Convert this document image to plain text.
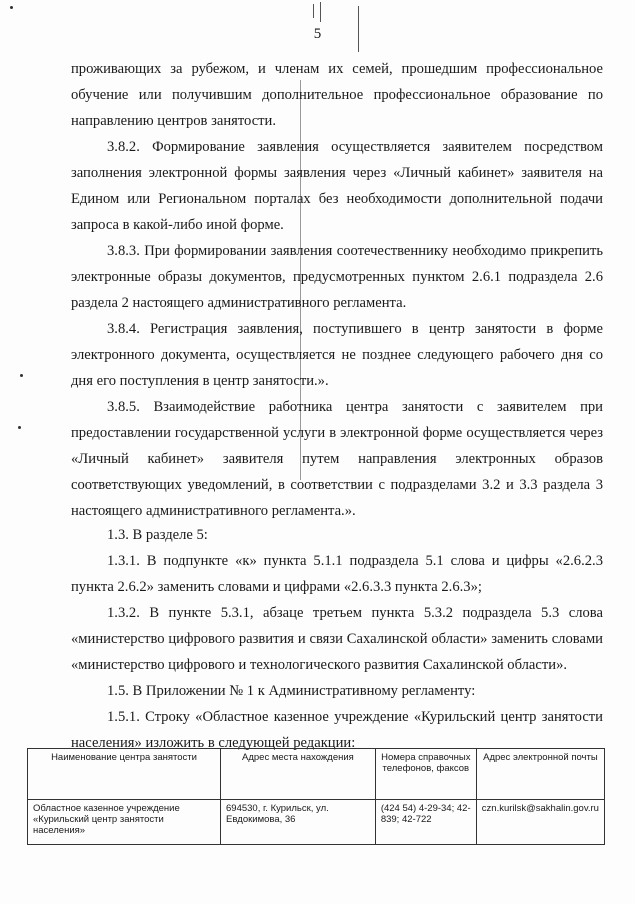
5
проживающих за рубежом, и членам их семей, прошедшим профессиональное обучение или получившим дополнительное профессиональное образование по направлению центров занятости.
3.8.2. Формирование заявления осуществляется заявителем посредством заполнения электронной формы заявления через «Личный кабинет» заявителя на Едином или Региональном порталах без необходимости дополнительной подачи запроса в какой-либо иной форме.
3.8.3. При формировании заявления соотечественнику необходимо прикрепить электронные образы документов, предусмотренных пунктом 2.6.1 подраздела 2.6 раздела 2 настоящего административного регламента.
3.8.4. Регистрация заявления, поступившего в центр занятости в форме электронного документа, осуществляется не позднее следующего рабочего дня со дня его поступления в центр занятости.».
3.8.5. Взаимодействие работника центра занятости с заявителем при предоставлении государственной услуги в электронной форме осуществляется через «Личный кабинет» заявителя путем направления электронных образов соответствующих уведомлений, в соответствии с подразделами 3.2 и 3.3 раздела 3 настоящего административного регламента.».
1.3. В разделе 5:
1.3.1. В подпункте «к» пункта 5.1.1 подраздела 5.1 слова и цифры «2.6.2.3 пункта 2.6.2» заменить словами и цифрами «2.6.3.3 пункта 2.6.3»;
1.3.2. В пункте 5.3.1, абзаце третьем пункта 5.3.2 подраздела 5.3 слова «министерство цифрового развития и связи Сахалинской области» заменить словами «министерство цифрового и технологического развития Сахалинской области».
1.5. В Приложении № 1 к Административному регламенту:
1.5.1. Строку «Областное казенное учреждение «Курильский центр занятости населения» изложить в следующей редакции:
Наименование центра занятости	Адрес места нахождения	Номера справочных телефонов, факсов	Адрес электронной почты
Областное казенное учреждение «Курильский центр занятости населения»	694530, г. Курильск, ул. Евдокимова, 36	(424 54) 4-29-34; 42-839; 42-722	czn.kurilsk@sakhalin.gov.ru
